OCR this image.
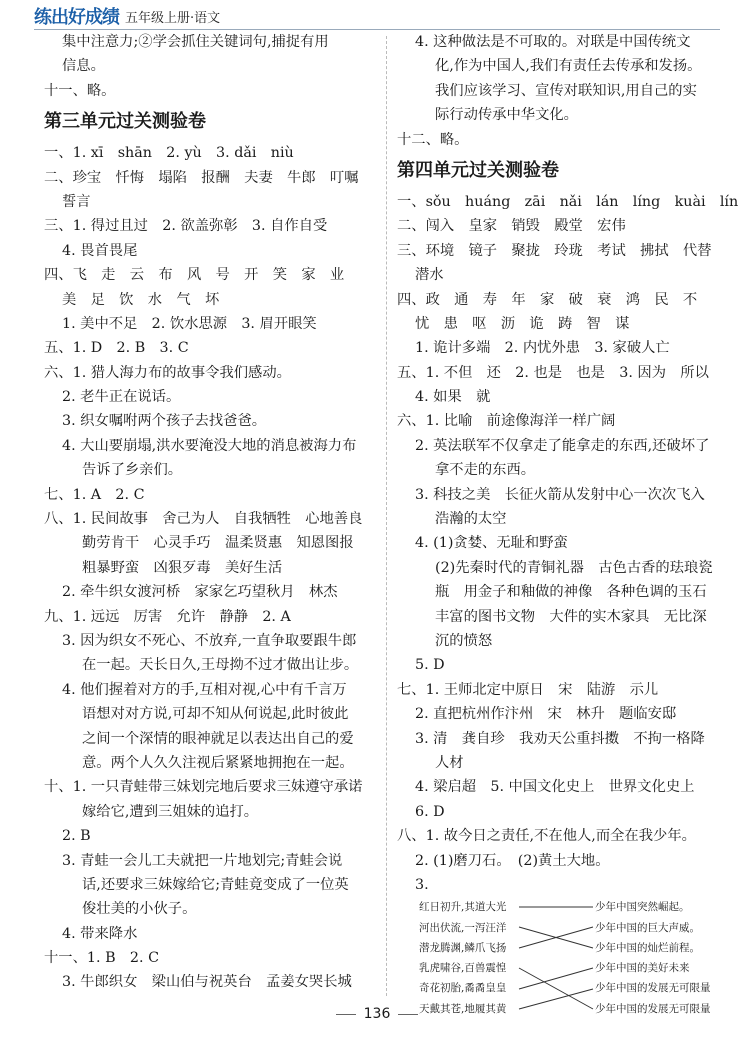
练出好成绩 五年级上册·语文
集中注意力;②学会抓住关键词句,捕捉有用
信息。
十一、略。
第三单元过关测验卷
一、1. xī　shān　2. yù　3. dǎi　niù
二、珍宝　忏悔　塌陷　报酬　夫妻　牛郎　叮嘱
誓言
三、1. 得过且过　2. 欲盖弥彰　3. 自作自受
4. 畏首畏尾
四、飞　走　云　布　风　号　开　笑　家　业
美　足　饮　水　气　坏
1. 美中不足　2. 饮水思源　3. 眉开眼笑
五、1. D　2. B　3. C
六、1. 猎人海力布的故事令我们感动。
2. 老牛正在说话。
3. 织女嘱咐两个孩子去找爸爸。
4. 大山要崩塌,洪水要淹没大地的消息被海力布
告诉了乡亲们。
七、1. A　2. C
八、1. 民间故事　舍己为人　自我牺牲　心地善良
勤劳肯干　心灵手巧　温柔贤惠　知恩图报
粗暴野蛮　凶狠歹毒　美好生活
2. 牵牛织女渡河桥　家家乞巧望秋月　林杰
九、1. 远远　厉害　允许　静静　2. A
3. 因为织女不死心、不放弃,一直争取要跟牛郎
在一起。天长日久,王母拗不过才做出让步。
4. 他们握着对方的手,互相对视,心中有千言万
语想对对方说,可却不知从何说起,此时彼此
之间一个深情的眼神就足以表达出自己的爱
意。两个人久久注视后紧紧地拥抱在一起。
十、1. 一只青蛙带三妹划完地后要求三妹遵守承诺
嫁给它,遭到三姐妹的追打。
2. B
3. 青蛙一会儿工夫就把一片地划完;青蛙会说
话,还要求三妹嫁给它;青蛙竟变成了一位英
俊壮美的小伙子。
4. 带来降水
十一、1. B　2. C
3. 牛郎织女　梁山伯与祝英台　孟姜女哭长城
4. 这种做法是不可取的。对联是中国传统文
化,作为中国人,我们有责任去传承和发扬。
我们应该学习、宣传对联知识,用自己的实
际行动传承中华文化。
十二、略。
第四单元过关测验卷
一、sǒu　huáng　zāi　nǎi　lán　líng　kuài　lín
二、闯入　皇家　销毁　殿堂　宏伟
三、环境　镜子　聚拢　玲珑　考试　拂拭　代替
潜水
四、政　通　寿　年　家　破　衰　鸿　民　不
忧　患　呕　沥　诡　踌　智　谋
1. 诡计多端　2. 内忧外患　3. 家破人亡
五、1. 不但　还　2. 也是　也是　3. 因为　所以
4. 如果　就
六、1. 比喻　前途像海洋一样广阔
2. 英法联军不仅拿走了能拿走的东西,还破坏了
拿不走的东西。
3. 科技之美　长征火箭从发射中心一次次飞入
浩瀚的太空
4. (1)贪婪、无耻和野蛮
(2)先秦时代的青铜礼器　古色古香的珐琅瓷
瓶　用金子和釉做的神像　各种色调的玉石
丰富的图书文物　大件的实木家具　无比深
沉的愤怒
5. D
七、1. 王师北定中原日　宋　陆游　示儿
2. 直把杭州作汴州　宋　林升　题临安邸
3. 清　龚自珍　我劝天公重抖擞　不拘一格降
人材
4. 梁启超　5. 中国文化史上　世界文化史上
6. D
八、1. 故今日之责任,不在他人,而全在我少年。
2. (1)磨刀石。　(2)黄土大地。
3.
红日初升,其道大光
河出伏流,一泻汪洋
潜龙腾渊,鳞爪飞扬
乳虎啸谷,百兽震惶
奇花初胎,矞矞皇皇
天戴其苍,地履其黄
少年中国突然崛起。
少年中国的巨大声威。
少年中国的灿烂前程。
少年中国的美好未来
少年中国的发展无可限量
少年中国的发展无可限量
136
